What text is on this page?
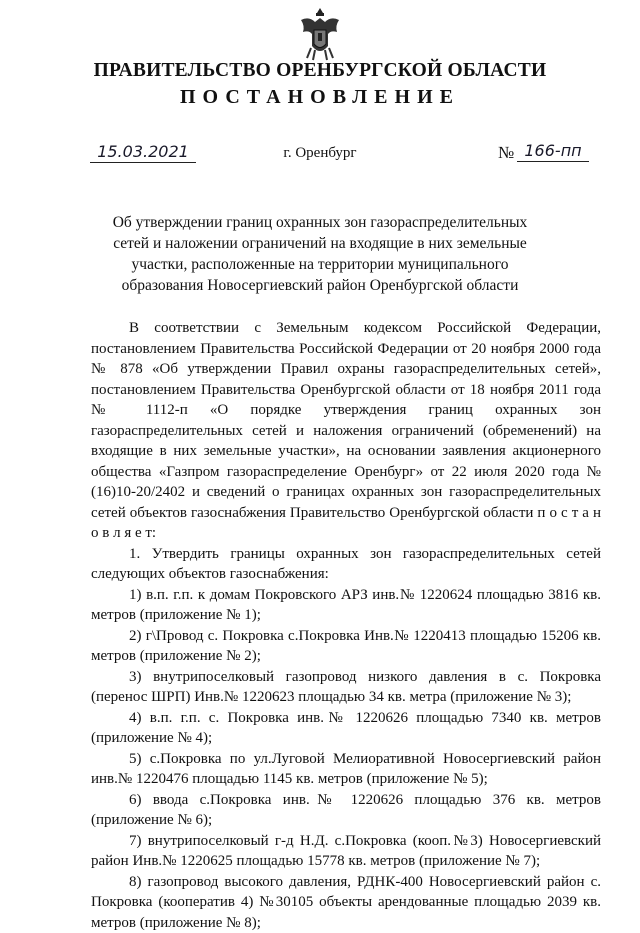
ПРАВИТЕЛЬСТВО ОРЕНБУРГСКОЙ ОБЛАСТИ
ПОСТАНОВЛЕНИЕ
15.03.2021	г. Оренбург	№ 166-пп
Об утверждении границ охранных зон газораспределительных сетей и наложении ограничений на входящие в них земельные участки, расположенные на территории муниципального образования Новосергиевский район Оренбургской области

В соответствии с Земельным кодексом Российской Федерации, постановлением Правительства Российской Федерации от 20 ноября 2000 года № 878 «Об утверждении Правил охраны газораспределительных сетей», постановлением Правительства Оренбургской области от 18 ноября 2011 года № 1112-п «О порядке утверждения границ охранных зон газораспределительных сетей и наложения ограничений (обременений) на входящие в них земельные участки», на основании заявления акционерного общества «Газпром газораспределение Оренбург» от 22 июля 2020 года № (16)10-20/2402 и сведений о границах охранных зон газораспределительных сетей объектов газоснабжения Правительство Оренбургской области п о с т а н о в л я е т:

1. Утвердить границы охранных зон газораспределительных сетей следующих объектов газоснабжения:

1) в.п. г.п. к домам Покровского АРЗ инв.№ 1220624 площадью 3816 кв. метров (приложение № 1);

2) г\Провод с. Покровка с.Покровка Инв.№ 1220413 площадью 15206 кв. метров (приложение № 2);

3) внутрипоселковый газопровод низкого давления в с. Покровка (перенос ШРП) Инв.№ 1220623 площадью 34 кв. метра (приложение № 3);

4) в.п. г.п. с. Покровка инв.№ 1220626 площадью 7340 кв. метров (приложение № 4);

5) с.Покровка по ул.Луговой Мелиоративной Новосергиевский район инв.№ 1220476 площадью 1145 кв. метров (приложение № 5);

6) ввода с.Покровка инв.№ 1220626 площадью 376 кв. метров (приложение № 6);

7) внутрипоселковый г-д Н.Д. с.Покровка (кооп.№3) Новосергиевский район Инв.№ 1220625 площадью 15778 кв. метров (приложение № 7);

8) газопровод высокого давления, РДНК-400 Новосергиевский район с. Покровка (кооператив 4) №30105 объекты арендованные площадью 2039 кв. метров (приложение № 8);
